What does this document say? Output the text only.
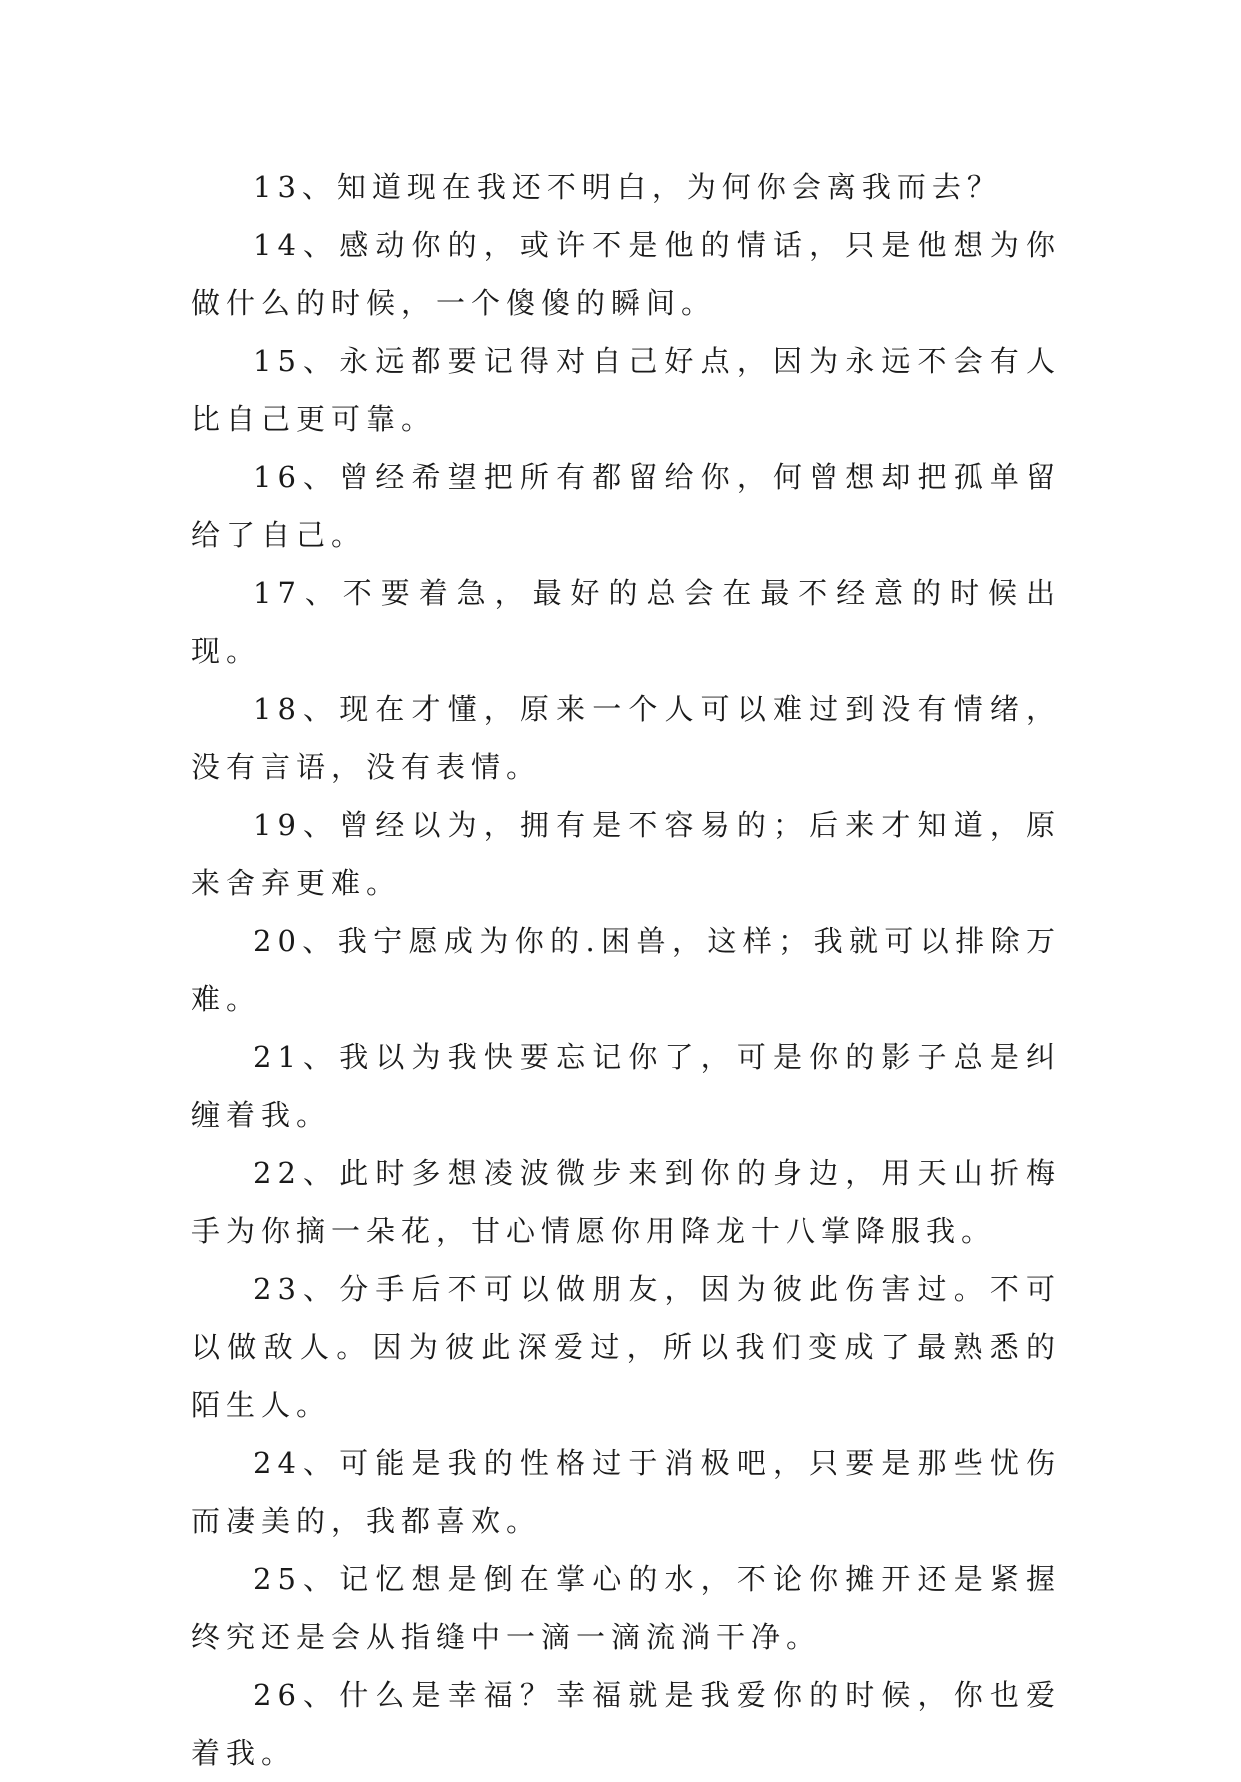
13、知道现在我还不明白，为何你会离我而去？

14、感动你的，或许不是他的情话，只是他想为你做什么的时候，一个傻傻的瞬间。

15、永远都要记得对自己好点，因为永远不会有人比自己更可靠。

16、曾经希望把所有都留给你，何曾想却把孤单留给了自己。

17、不要着急，最好的总会在最不经意的时候出现。

18、现在才懂，原来一个人可以难过到没有情绪，没有言语，没有表情。

19、曾经以为，拥有是不容易的；后来才知道，原来舍弃更难。

20、我宁愿成为你的.困兽，这样；我就可以排除万难。

21、我以为我快要忘记你了，可是你的影子总是纠缠着我。

22、此时多想凌波微步来到你的身边，用天山折梅手为你摘一朵花，甘心情愿你用降龙十八掌降服我。

23、分手后不可以做朋友，因为彼此伤害过。不可以做敌人。因为彼此深爱过，所以我们变成了最熟悉的陌生人。

24、可能是我的性格过于消极吧，只要是那些忧伤而凄美的，我都喜欢。

25、记忆想是倒在掌心的水，不论你摊开还是紧握终究还是会从指缝中一滴一滴流淌干净。

26、什么是幸福？幸福就是我爱你的时候，你也爱着我。
